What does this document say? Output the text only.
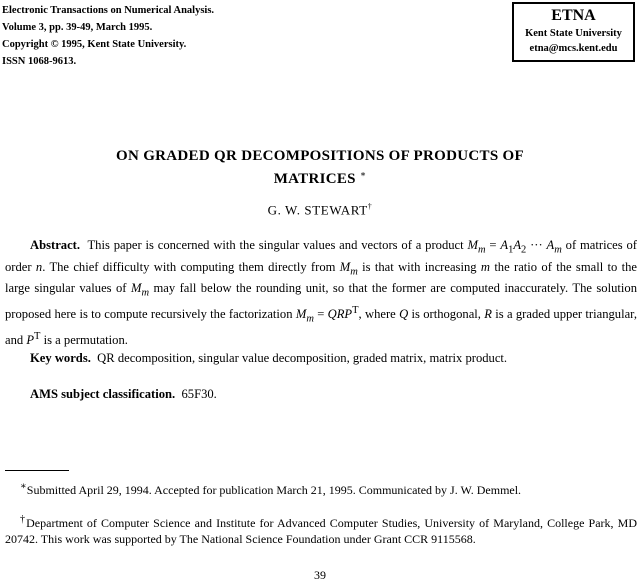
Electronic Transactions on Numerical Analysis.
Volume 3, pp. 39-49, March 1995.
Copyright © 1995, Kent State University.
ISSN 1068-9613.
ETNA
Kent State University
etna@mcs.kent.edu
ON GRADED QR DECOMPOSITIONS OF PRODUCTS OF
MATRICES ∗
G. W. STEWART†

Abstract. This paper is concerned with the singular values and vectors of a product $M_m = A_1A_2$ ··· $A_m$ of matrices of order n. The chief difficulty with computing them directly from $M_m$ is that with increasing m the ratio of the small to the large singular values of $M_m$ may fall below the rounding unit, so that the former are computed inaccurately. The solution proposed here is to compute recursively the factorization $M_m = QRP^T$, where Q is orthogonal, R is a graded upper triangular, and $P^T$ is a permutation.

Key words. QR decomposition, singular value decomposition, graded matrix, matrix product.

AMS subject classification. 65F30.

∗Submitted April 29, 1994. Accepted for publication March 21, 1995. Communicated by J. W. Demmel.

†Department of Computer Science and Institute for Advanced Computer Studies, University of Maryland, College Park, MD 20742. This work was supported by The National Science Foundation under Grant CCR 9115568.

39
